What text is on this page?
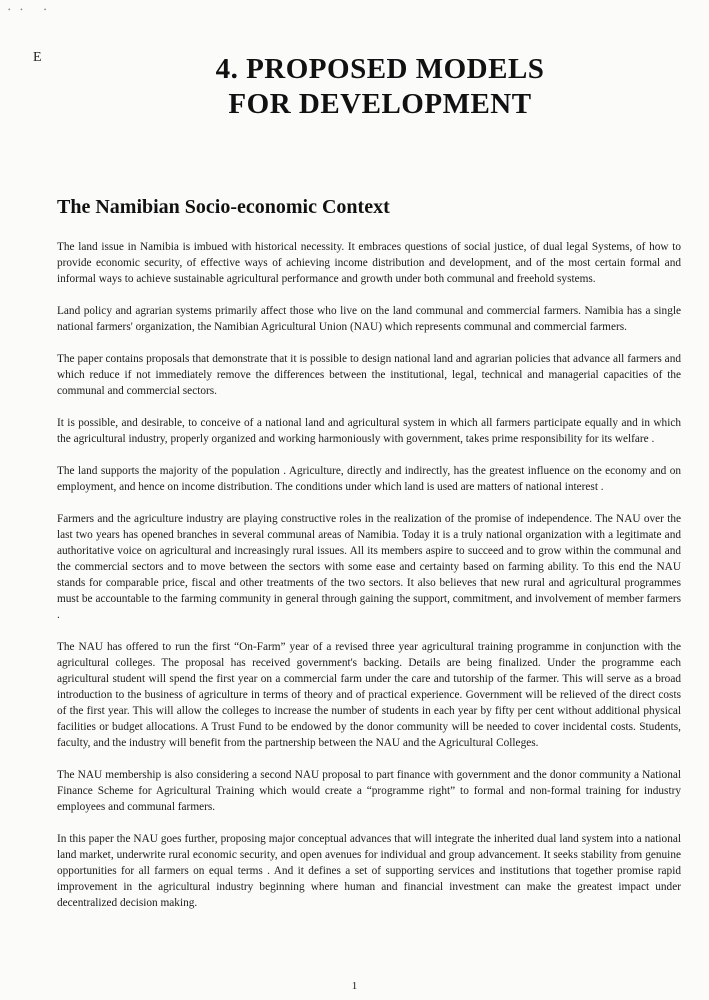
• •   •
E	4. PROPOSED MODELS
FOR DEVELOPMENT
The Namibian Socio-economic Context

The land issue in Namibia is imbued with historical necessity. It embraces questions of social justice, of dual legal Systems, of how to provide economic security, of effective ways of achieving income distribution and development, and of the most certain formal and informal ways to achieve sustainable agricultural performance and growth under both communal and freehold systems.

Land policy and agrarian systems primarily affect those who live on the land communal and commercial farmers. Namibia has a single national farmers' organization, the Namibian Agricultural Union (NAU) which represents communal and commercial farmers.

The paper contains proposals that demonstrate that it is possible to design national land and agrarian policies that advance all farmers and which reduce if not immediately remove the differences between the institutional, legal, technical and managerial capacities of the communal and commercial sectors.

It is possible, and desirable, to conceive of a national land and agricultural system in which all farmers participate equally and in which the agricultural industry, properly organized and working harmoniously with government, takes prime responsibility for its welfare .

The land supports the majority of the population . Agriculture, directly and indirectly, has the greatest influence on the economy and on employment, and hence on income distribution. The conditions under which land is used are matters of national interest .

Farmers and the agriculture industry are playing constructive roles in the realization of the promise of independence. The NAU over the last two years has opened branches in several communal areas of Namibia. Today it is a truly national organization with a legitimate and authoritative voice on agricultural and increasingly rural issues. All its members aspire to succeed and to grow within the communal and the commercial sectors and to move between the sectors with some ease and certainty based on farming ability. To this end the NAU stands for comparable price, fiscal and other treatments of the two sectors. It also believes that new rural and agricultural programmes must be accountable to the farming community in general through gaining the support, commitment, and involvement of member farmers .

The NAU has offered to run the first “On-Farm” year of a revised three year agricultural training programme in conjunction with the agricultural colleges. The proposal has received government's backing. Details are being finalized. Under the programme each agricultural student will spend the first year on a commercial farm under the care and tutorship of the farmer. This will serve as a broad introduction to the business of agriculture in terms of theory and of practical experience. Government will be relieved of the direct costs of the first year. This will allow the colleges to increase the number of students in each year by fifty per cent without additional physical facilities or budget allocations. A Trust Fund to be endowed by the donor community will be needed to cover incidental costs. Students, faculty, and the industry will benefit from the partnership between the NAU and the Agricultural Colleges.

The NAU membership is also considering a second NAU proposal to part finance with government and the donor community a National Finance Scheme for Agricultural Training which would create a “programme right” to formal and non-formal training for industry employees and communal farmers.

In this paper the NAU goes further, proposing major conceptual advances that will integrate the inherited dual land system into a national land market, underwrite rural economic security, and open avenues for individual and group advancement. It seeks stability from genuine opportunities for all farmers on equal terms . And it defines a set of supporting services and institutions that together promise rapid improvement in the agricultural industry beginning where human and financial investment can make the greatest impact under decentralized decision making.

1
